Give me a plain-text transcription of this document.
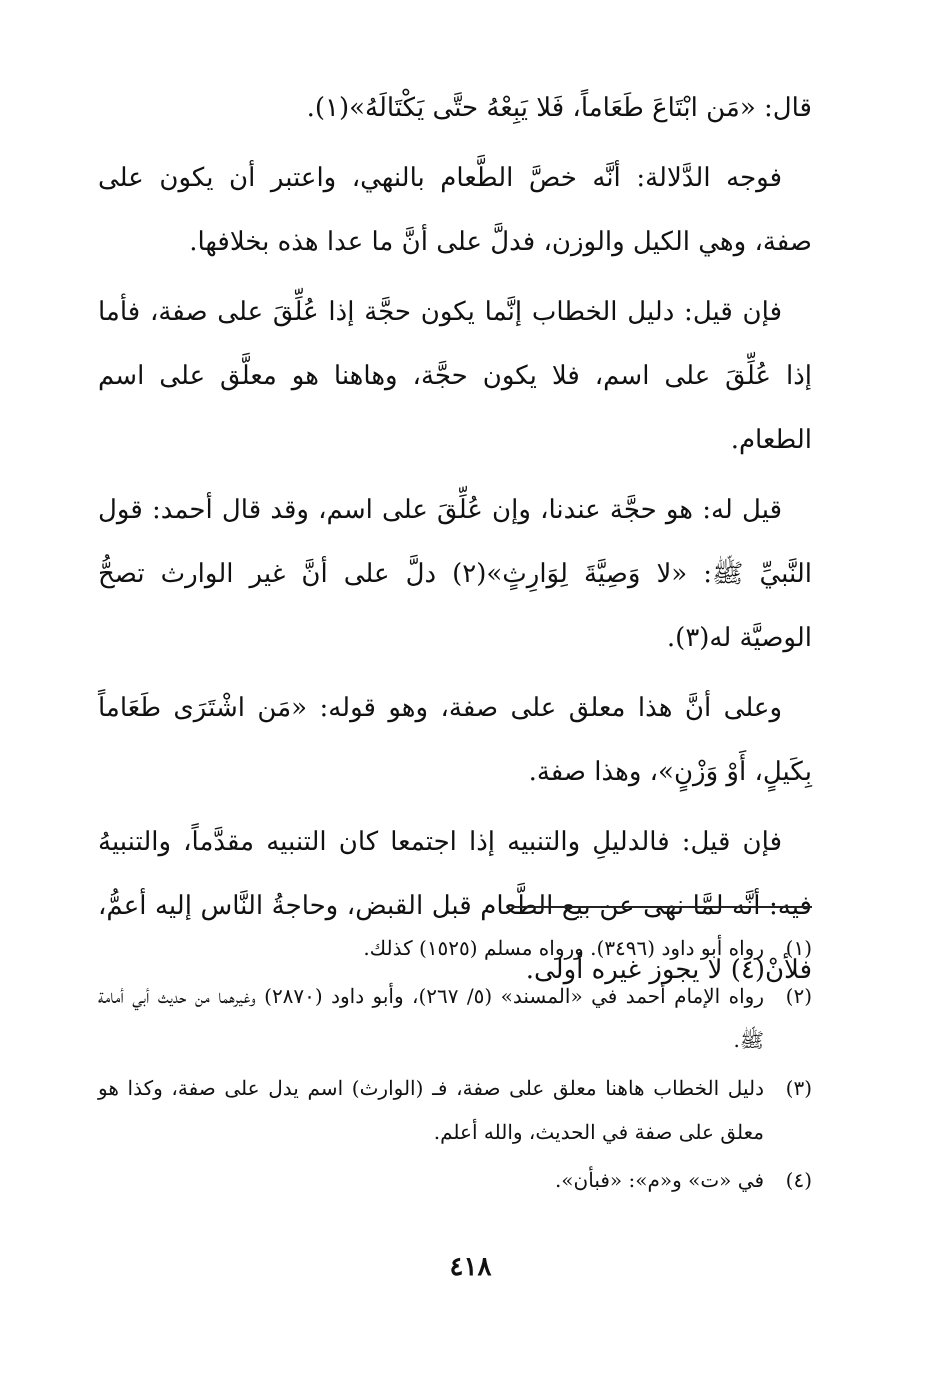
قال: «مَن ابْتَاعَ طَعَاماً، فَلا يَبِعْهُ حتَّى يَكْتَالَهُ»(١).

فوجه الدَّلالة: أنَّه خصَّ الطَّعام بالنهي، واعتبر أن يكون على صفة، وهي الكيل والوزن، فدلَّ على أنَّ ما عدا هذه بخلافها.

فإن قيل: دليل الخطاب إنَّما يكون حجَّة إذا عُلِّقَ على صفة، فأما إذا عُلِّقَ على اسم، فلا يكون حجَّة، وهاهنا هو معلَّق على اسم الطعام.

قيل له: هو حجَّة عندنا، وإن عُلِّقَ على اسم، وقد قال أحمد: قول النَّبيِّ ﷺ: «لا وَصِيَّةَ لِوَارِثٍ»(٢) دلَّ على أنَّ غير الوارث تصحُّ الوصيَّة له(٣).

وعلى أنَّ هذا معلق على صفة، وهو قوله: «مَن اشْتَرَى طَعَاماً بِكَيلٍ، أَوْ وَزْنٍ»، وهذا صفة.

فإن قيل: فالدليلِ والتنبيه إذا اجتمعا كان التنبيه مقدَّماً، والتنبيهُ فيه: أنَّه لمَّا نهى عن بيع الطَّعام قبل القبض، وحاجةُ النَّاس إليه أعمُّ، فلأنْ(٤) لا يجوز غيره أولى.

(١)
رواه أبو داود (٣٤٩٦). ورواه مسلم (١٥٢٥) كذلك.
(٢)
رواه الإمام أحمد في «المسند» (٥/ ٢٦٧)، وأبو داود (٢٨٧٠) وغيرهما من حديث أبي أمامة ﷺ.
(٣)
دليل الخطاب هاهنا معلق على صفة، فـ (الوارث) اسم يدل على صفة، وكذا هو معلق على صفة في الحديث، والله أعلم.
(٤)
في «ت» و«م»: «فبأن».
٤١٨
